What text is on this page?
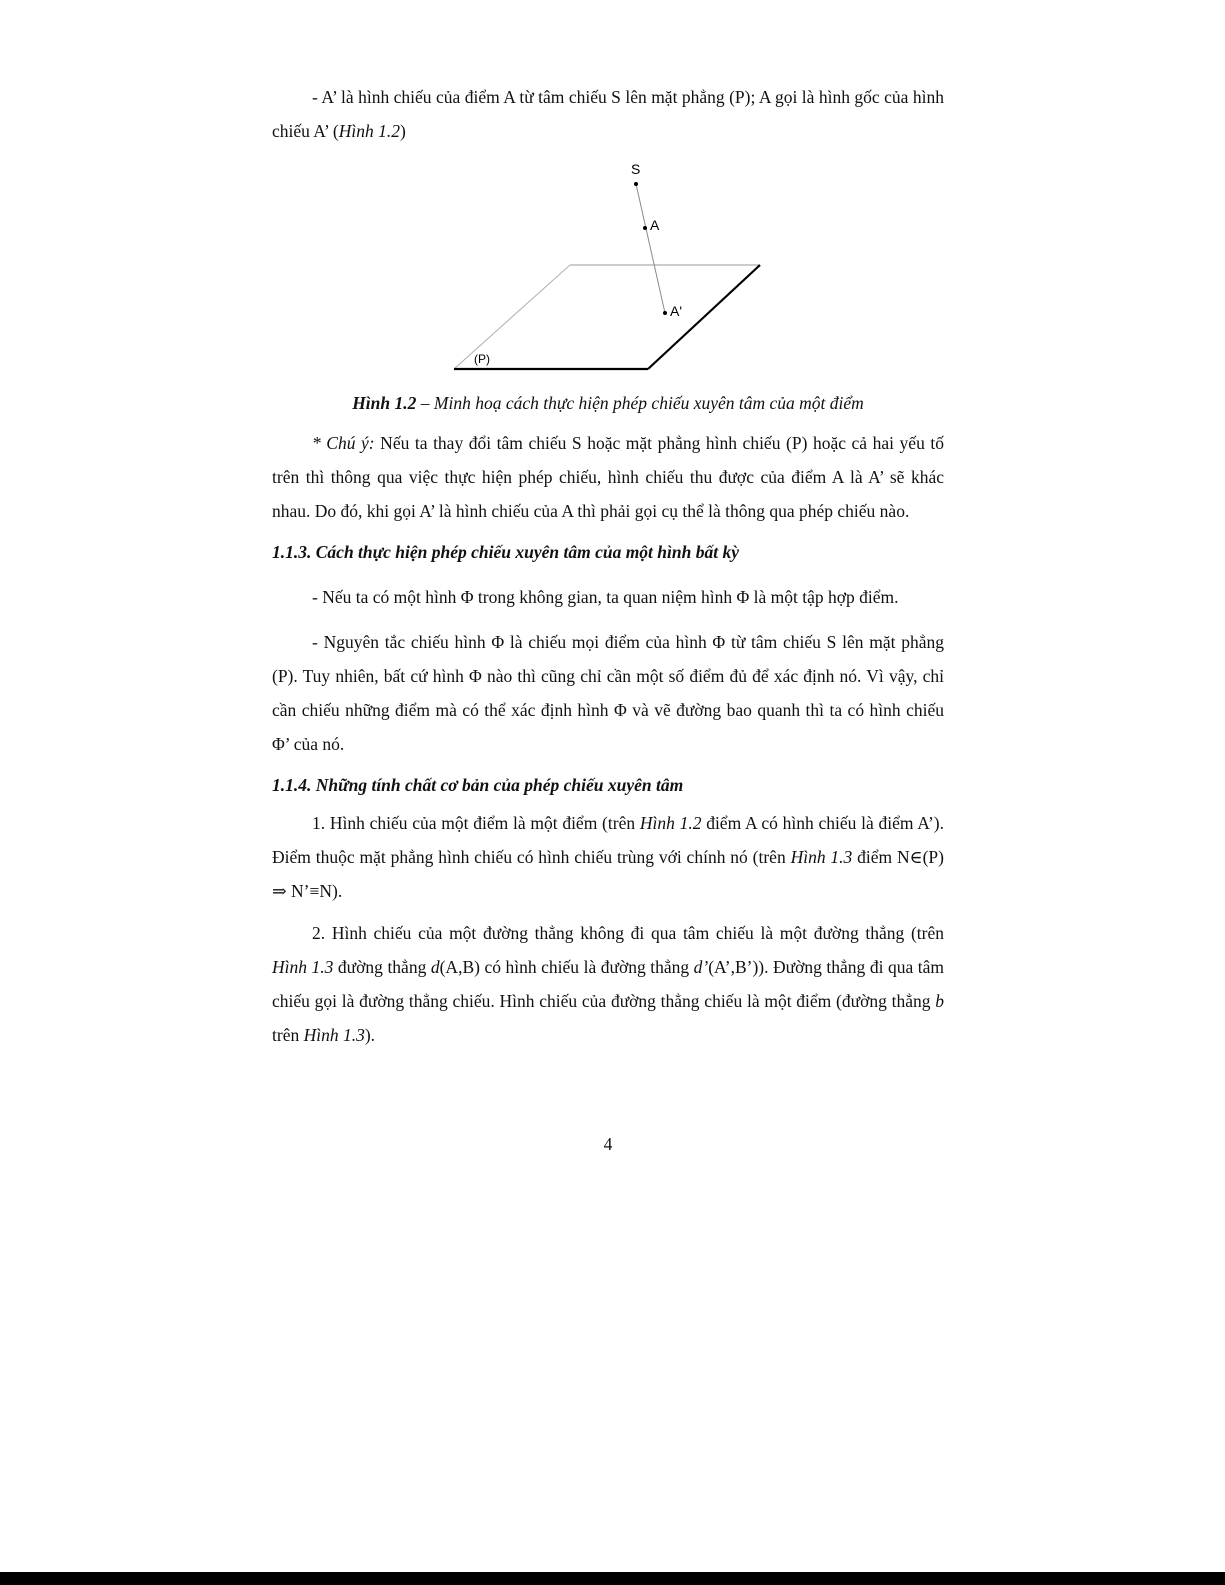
- A’ là hình chiếu của điểm A từ tâm chiếu S lên mặt phẳng (P); A gọi là hình gốc của hình chiếu A’ (Hình 1.2)

S
A
A'
(P)
Hình 1.2 – Minh hoạ cách thực hiện phép chiếu xuyên tâm của một điểm

* Chú ý: Nếu ta thay đổi tâm chiếu S hoặc mặt phẳng hình chiếu (P) hoặc cả hai yếu tố trên thì thông qua việc thực hiện phép chiếu, hình chiếu thu được của điểm A là A’ sẽ khác nhau. Do đó, khi gọi A’ là hình chiếu của A thì phải gọi cụ thể là thông qua phép chiếu nào.

1.1.3. Cách thực hiện phép chiếu xuyên tâm của một hình bất kỳ

- Nếu ta có một hình Φ trong không gian, ta quan niệm hình Φ là một tập hợp điểm.

- Nguyên tắc chiếu hình Φ là chiếu mọi điểm của hình Φ từ tâm chiếu S lên mặt phẳng (P). Tuy nhiên, bất cứ hình Φ nào thì cũng chỉ cần một số điểm đủ để xác định nó. Vì vậy, chỉ cần chiếu những điểm mà có thể xác định hình Φ và vẽ đường bao quanh thì ta có hình chiếu Φ’ của nó.

1.1.4. Những tính chất cơ bản của phép chiếu xuyên tâm

1. Hình chiếu của một điểm là một điểm (trên Hình 1.2 điểm A có hình chiếu là điểm A’). Điểm thuộc mặt phẳng hình chiếu có hình chiếu trùng với chính nó (trên Hình 1.3 điểm N∈(P) ⇒ N’≡N).

2. Hình chiếu của một đường thẳng không đi qua tâm chiếu là một đường thẳng (trên Hình 1.3 đường thẳng d(A,B) có hình chiếu là đường thẳng d’(A’,B’)). Đường thẳng đi qua tâm chiếu gọi là đường thẳng chiếu. Hình chiếu của đường thẳng chiếu là một điểm (đường thẳng b trên Hình 1.3).

4
